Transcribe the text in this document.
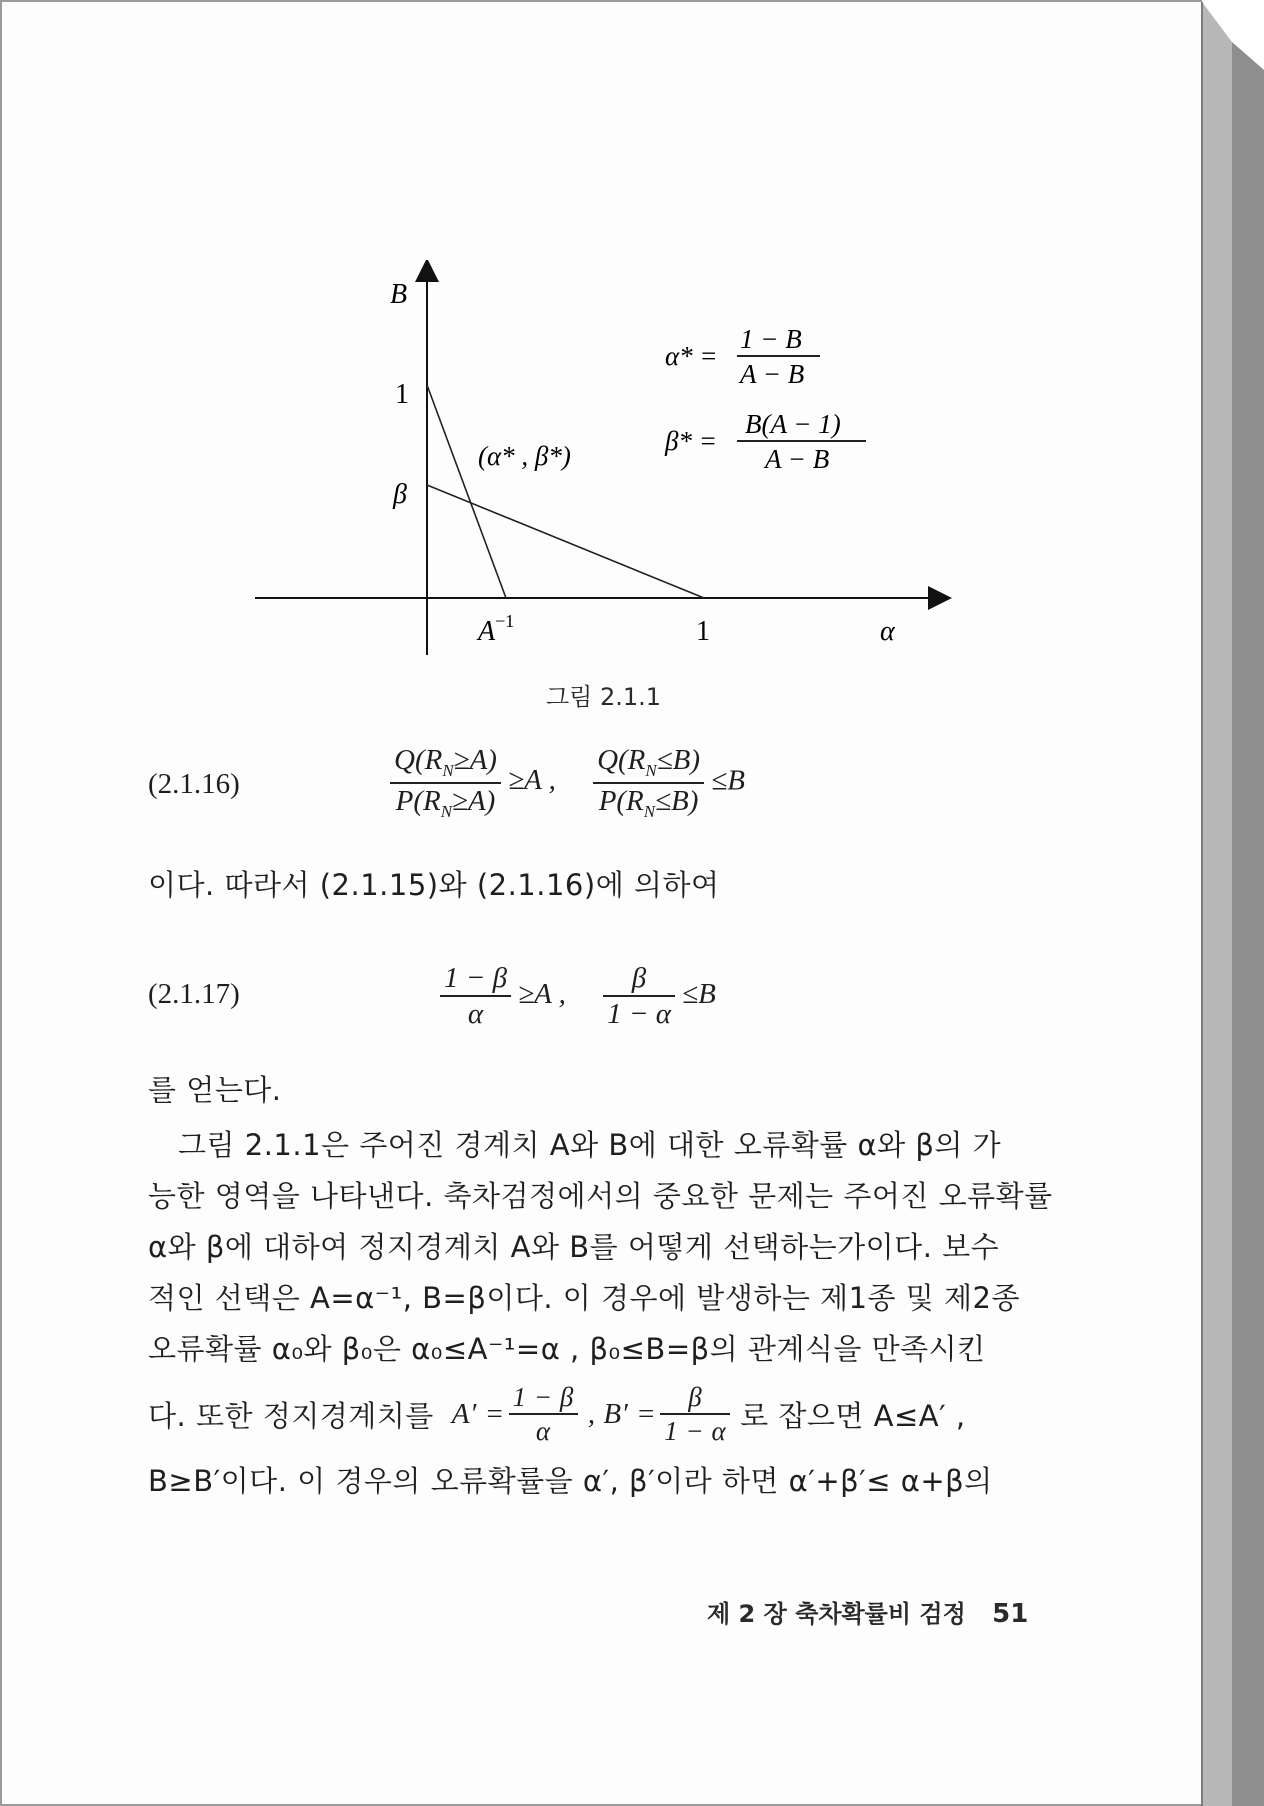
B
1
β
(α* , β*)
$A^{-1}$	1	α
α* =
1 − B
A − B
β* =
B(A − 1)
A − B
그림 2.1.1
(2.1.16)	$\frac{Q(R_N\ge A)}{P(R_N\ge A)} \ge A$ , $\frac{Q(R_N\le B)}{P(R_N\le B)} \le B$
이다. 따라서 (2.1.15)와 (2.1.16)에 의하여
(2.1.17)	$\frac{1 - \beta}{\alpha} \ge A$ , $\frac{\beta}{1 - \alpha} \le B$
를 얻는다.
그림 2.1.1은 주어진 경계치 A와 B에 대한 오류확률 α와 β의 가
능한 영역을 나타낸다. 축차검정에서의 중요한 문제는 주어진 오류확률
α와 β에 대하여 정지경계치 A와 B를 어떻게 선택하는가이다. 보수
적인 선택은 A=α⁻¹, B=β이다. 이 경우에 발생하는 제1종 및 제2종
오류확률 α₀와 β₀은 α₀≤A⁻¹=α , β₀≤B=β의 관계식을 만족시킨
다. 또한 정지경계치를 $A' = \frac{1 - \beta}{\alpha}$ , $B' = \frac{\beta}{1 - \alpha}$ 로 잡으면 A≤A′ ,
B≥B′이다. 이 경우의 오류확률을 α′, β′이라 하면 α′+β′≤ α+β의
제 2 장 축차확률비 검정 51
